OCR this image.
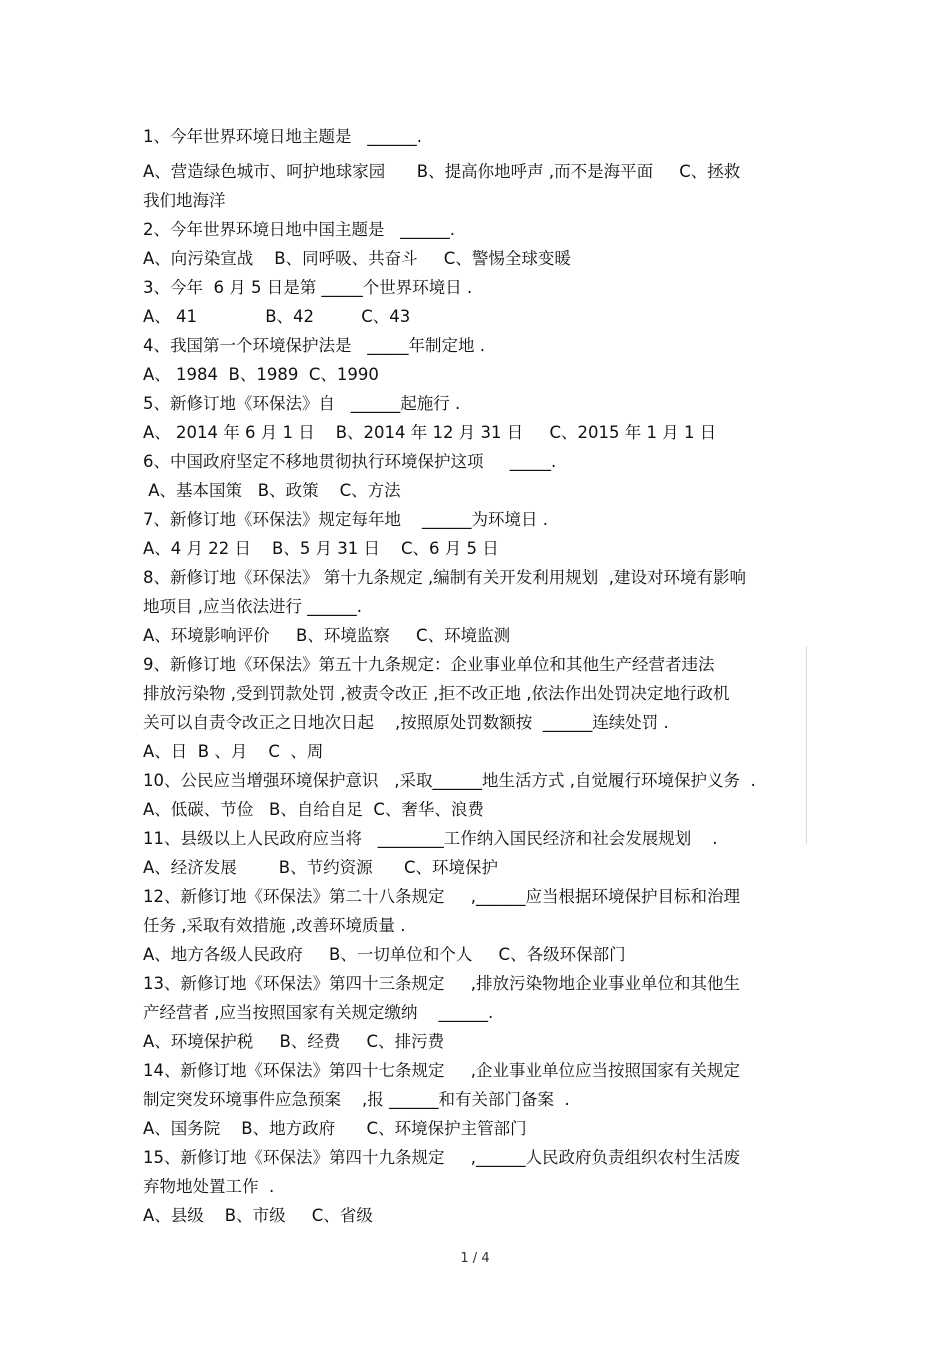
1、今年世界环境日地主题是   ______.
A、营造绿色城市、呵护地球家园      B、提高你地呼声 ,而不是海平面     C、拯救
我们地海洋
2、今年世界环境日地中国主题是   ______.
A、向污染宣战    B、同呼吸、共奋斗     C、警惕全球变暖
3、今年  6 月 5 日是第 _____个世界环境日 .
A、 41             B、42         C、43
4、我国第一个环境保护法是   _____年制定地 .
A、 1984  B、1989  C、1990
5、新修订地《环保法》自   ______起施行 .
A、 2014 年 6 月 1 日    B、2014 年 12 月 31 日     C、2015 年 1 月 1 日
6、中国政府坚定不移地贯彻执行环境保护这项     _____.
A、基本国策   B、政策    C、方法
7、新修订地《环保法》规定每年地    ______为环境日 .
A、4 月 22 日    B、5 月 31 日    C、6 月 5 日
8、新修订地《环保法》 第十九条规定 ,编制有关开发利用规划  ,建设对环境有影响
地项目 ,应当依法进行 ______.
A、环境影响评价     B、环境监察     C、环境监测
9、新修订地《环保法》第五十九条规定：企业事业单位和其他生产经营者违法
排放污染物 ,受到罚款处罚 ,被责令改正 ,拒不改正地 ,依法作出处罚决定地行政机
关可以自责令改正之日地次日起    ,按照原处罚数额按  ______连续处罚 .
A、日  B 、月    C  、周
10、公民应当增强环境保护意识   ,采取______地生活方式 ,自觉履行环境保护义务  .
A、低碳、节俭   B、自给自足  C、奢华、浪费
11、县级以上人民政府应当将   ________工作纳入国民经济和社会发展规划    .
A、经济发展        B、节约资源      C、环境保护
12、新修订地《环保法》第二十八条规定     ,______应当根据环境保护目标和治理
任务 ,采取有效措施 ,改善环境质量 .
A、地方各级人民政府     B、一切单位和个人     C、各级环保部门
13、新修订地《环保法》第四十三条规定     ,排放污染物地企业事业单位和其他生
产经营者 ,应当按照国家有关规定缴纳    ______.
A、环境保护税     B、经费     C、排污费
14、新修订地《环保法》第四十七条规定     ,企业事业单位应当按照国家有关规定
制定突发环境事件应急预案    ,报 ______和有关部门备案  .
A、国务院    B、地方政府      C、环境保护主管部门
15、新修订地《环保法》第四十九条规定     ,______人民政府负责组织农村生活废
弃物地处置工作  .
A、县级    B、市级     C、省级
1 / 4
